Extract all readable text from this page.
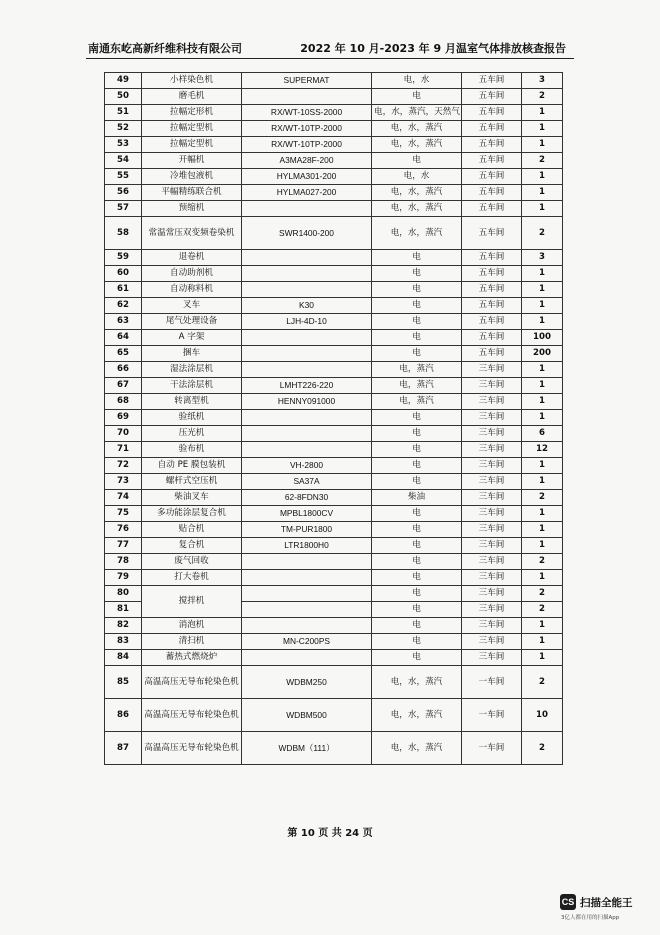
南通东屹高新纤维科技有限公司	2022 年 10 月-2023 年 9 月温室气体排放核查报告
49	小样染色机	SUPERMAT	电，水	五车间	3
50	磨毛机		电	五车间	2
51	拉幅定形机	RX/WT-10SS-2000	电，水，蒸汽，天然气	五车间	1
52	拉幅定型机	RX/WT-10TP-2000	电，水，蒸汽	五车间	1
53	拉幅定型机	RX/WT-10TP-2000	电，水，蒸汽	五车间	1
54	开幅机	A3MA28F-200	电	五车间	2
55	冷堆包液机	HYLMA301-200	电，水	五车间	1
56	平幅精练联合机	HYLMA027-200	电，水，蒸汽	五车间	1
57	预缩机		电，水，蒸汽	五车间	1
58	常温常压双变频卷染机	SWR1400-200	电，水，蒸汽	五车间	2
59	退卷机		电	五车间	3
60	自动助剂机		电	五车间	1
61	自动称料机		电	五车间	1
62	叉车	K30	电	五车间	1
63	尾气处理设备	LJH-4D-10	电	五车间	1
64	A 字架		电	五车间	100
65	捆车		电	五车间	200
66	湿法涂层机		电，蒸汽	三车间	1
67	干法涂层机	LMHT226-220	电，蒸汽	三车间	1
68	转离型机	HENNY091000	电，蒸汽	三车间	1
69	验纸机		电	三车间	1
70	压光机		电	三车间	6
71	验布机		电	三车间	12
72	自动 PE 膜包装机	VH-2800	电	三车间	1
73	螺杆式空压机	SA37A	电	三车间	1
74	柴油叉车	62-8FDN30	柴油	三车间	2
75	多功能涂层复合机	MPBL1800CV	电	三车间	1
76	贴合机	TM-PUR1800	电	三车间	1
77	复合机	LTR1800H0	电	三车间	1
78	废气回收		电	三车间	2
79	打大卷机		电	三车间	1
80	搅拌机		电	三车间	2
81			电	三车间	2
82	消泡机		电	三车间	1
83	清扫机	MN-C200PS	电	三车间	1
84	蓄热式燃烧炉		电	三车间	1
85	高温高压无导布轮染色机	WDBM250	电，水，蒸汽	一车间	2
86	高温高压无导布轮染色机	WDBM500	电，水，蒸汽	一车间	10
87	高温高压无导布轮染色机	WDBM（111）	电，水，蒸汽	一车间	2
第 10 页 共 24 页
CS 扫描全能王
3亿人都在用的扫描App
